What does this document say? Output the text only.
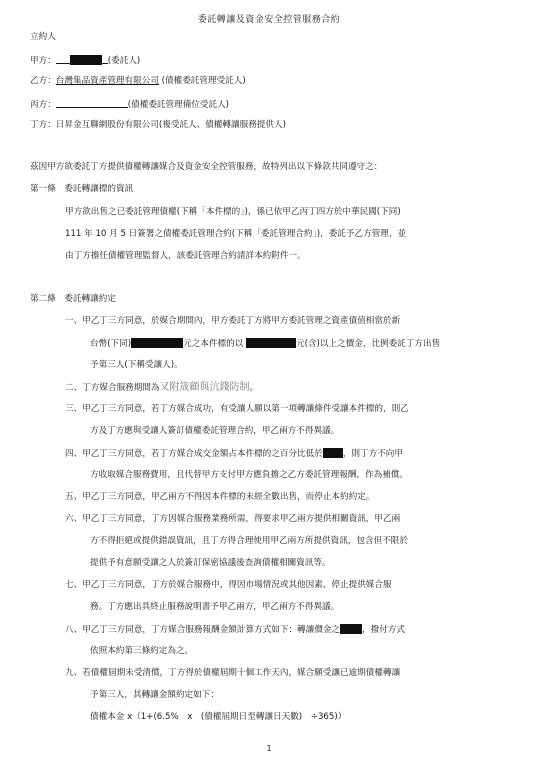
委託轉讓及資金安全控管服務合約
立約人
甲方：	(委託人)
乙方：台灣集品資產管理有限公司 (債權委託管理受託人)
丙方：	(債權委託管理備位受託人)
丁方：日昇金互聯網股份有限公司(複受託人、債權轉讓服務提供人)
茲因甲方欲委託丁方提供債權轉讓媒合及資金安全控管服務，故特列出以下條款共同遵守之：
第一條　委託轉讓標的資訊
甲方欲出售之已委託管理債權(下稱「本件標的」)，係已依甲乙丙丁四方於中華民國(下同)
111 年 10 月 5 日簽署之債權委託管理合約(下稱「委託管理合約」)，委託予乙方管理，並
由丁方擔任債權管理監督人，該委託管理合約請詳本約附件一。
第二條　委託轉讓約定
一、甲乙丁三方同意，於媒合期間內，甲方委託丁方將甲方委託管理之資產債值相當於新
台幣(下同)	元之本件標的以	元(含)以上之價金，比例委託丁方出售
予第三人(下稱受讓人)。
二、丁方媒合服務期間為又附筬顧與沆錢防制。
三、甲乙丁三方同意，若丁方媒合成功，有受讓人願以第一項轉讓條件受讓本件標的，則乙
方及丁方應與受讓人簽訂債權委託管理合約，甲乙兩方不得異議。
四、甲乙丁三方同意，若丁方媒合成交金額占本件標的之百分比低於 ，則丁方不向甲
方收取媒合服務費用，且代替甲方支付甲方應負擔之乙方委託管理報酬，作為補償。
五、甲乙丁三方同意，甲乙兩方不得因本件標的未經全數出售，而停止本約約定。
六、甲乙丁三方同意，丁方因媒合服務業務所需，得要求甲乙兩方提供相關資訊，甲乙兩
方不得拒絕或提供錯誤資訊，且丁方得合理使用甲乙兩方所提供資訊，包含但不限於
提供予有意願受讓之人於簽訂保密協議後查詢債權相關資訊等。
七、甲乙丁三方同意，丁方於媒合服務中，得因市場情況或其他因素，停止提供媒合服
務。丁方應出具終止服務說明書予甲乙兩方，甲乙兩方不得異議。
八、甲乙丁三方同意，丁方媒合服務報酬金額計算方式如下：轉讓價金之	，撥付方式
依照本約第三條約定為之。
九、若債權屆期未受清償，丁方得於債權屆期十個工作天內，媒合願受讓已逾期債權轉讓
予第三人，其轉讓金額約定如下：
債權本金 x（1+(6.5%　x　(債權屆期日至轉讓日天數)　÷365)）
1
